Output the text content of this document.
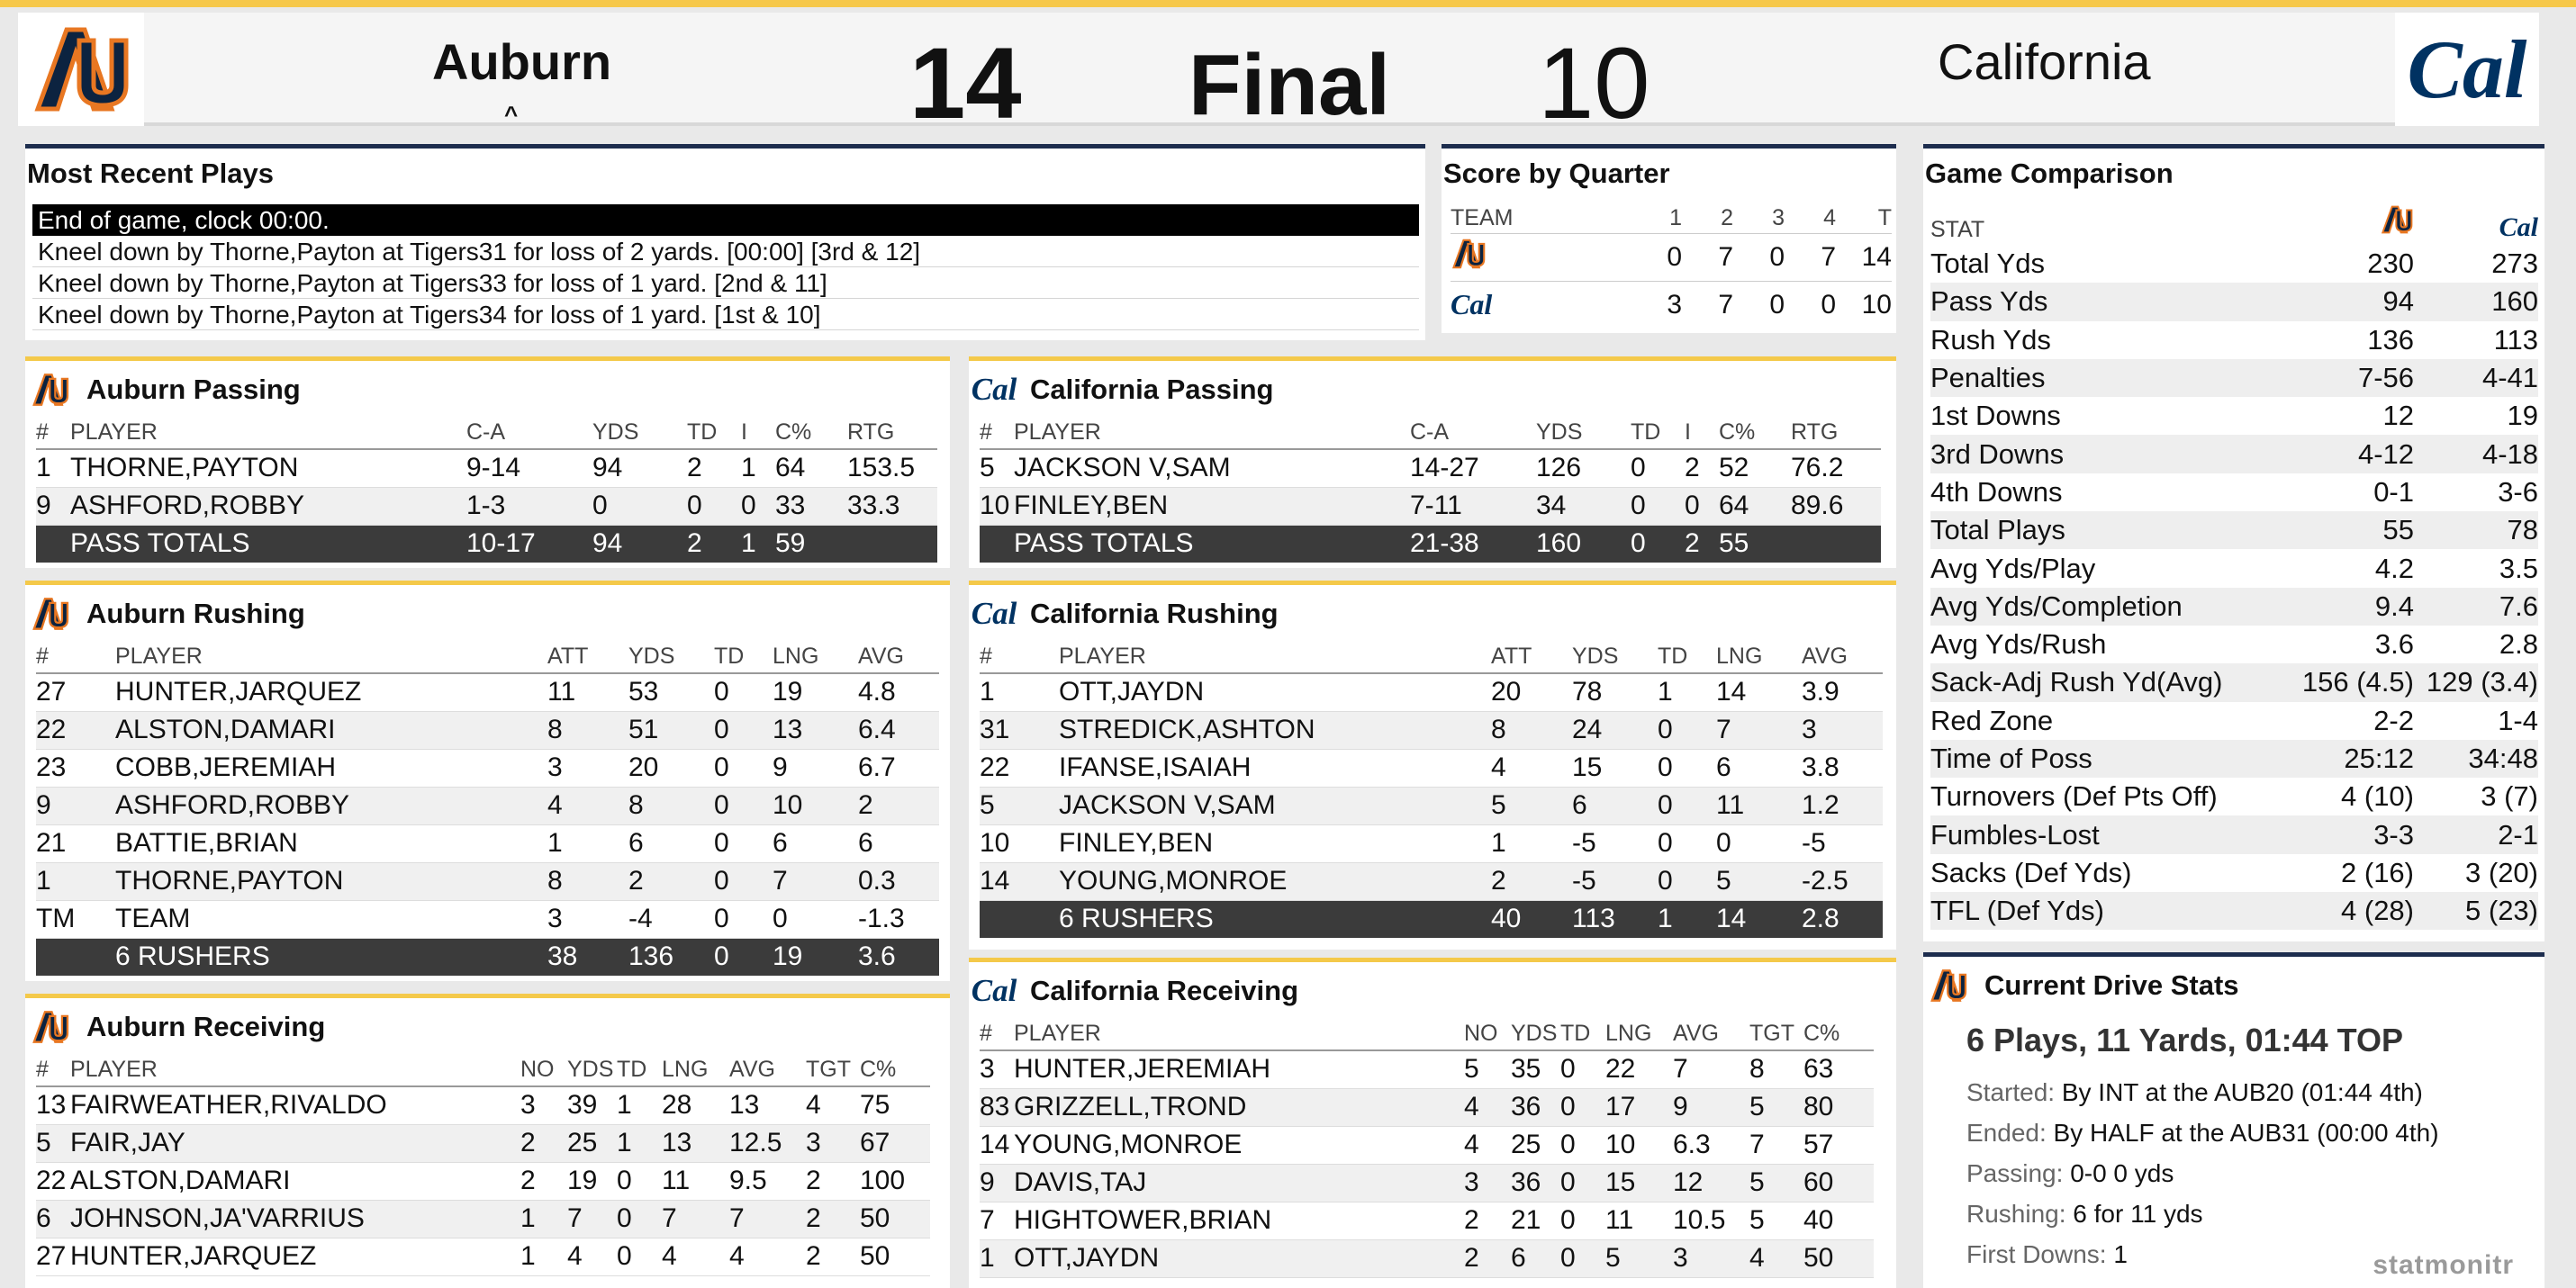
AU
Auburn
^	14 Final 10	California	Cal
Most Recent Plays
End of game, clock 00:00.
Kneel down by Thorne,Payton at Tigers31 for loss of 2 yards. [00:00] [3rd & 12]
Kneel down by Thorne,Payton at Tigers33 for loss of 1 yard. [2nd & 11]
Kneel down by Thorne,Payton at Tigers34 for loss of 1 yard. [1st & 10]
Score by Quarter
TEAM	1	2	3	4	T
	0	7	0	7	14
Cal	3	7	0	0	10
Game Comparison
STAT		Cal
Total Yds	230	273
Pass Yds	94	160
Rush Yds	136	113
Penalties	7-56	4-41
1st Downs	12	19
3rd Downs	4-12	4-18
4th Downs	0-1	3-6
Total Plays	55	78
Avg Yds/Play	4.2	3.5
Avg Yds/Completion	9.4	7.6
Avg Yds/Rush	3.6	2.8
Sack-Adj Rush Yd(Avg)	156 (4.5)	129 (3.4)
Red Zone	2-2	1-4
Time of Poss	25:12	34:48
Turnovers (Def Pts Off)	4 (10)	3 (7)
Fumbles-Lost	3-3	2-1
Sacks (Def Yds)	2 (16)	3 (20)
TFL (Def Yds)	4 (28)	5 (23)
Current Drive Stats
6 Plays, 11 Yards, 01:44 TOP
Started: By INT at the AUB20 (01:44 4th)
Ended: By HALF at the AUB31 (00:00 4th)
Passing: 0-0 0 yds
Rushing: 6 for 11 yds
First Downs: 1	statmonitr
Auburn Passing
#	PLAYER	C-A	YDS	TD	I	C%	RTG
1	THORNE,PAYTON	9-14	94	2	1	64	153.5
9	ASHFORD,ROBBY	1-3	0	0	0	33	33.3
	PASS TOTALS	10-17	94	2	1	59	
Cal California Passing
#	PLAYER	C-A	YDS	TD	I	C%	RTG
5	JACKSON V,SAM	14-27	126	0	2	52	76.2
10	FINLEY,BEN	7-11	34	0	0	64	89.6
	PASS TOTALS	21-38	160	0	2	55	
Auburn Rushing
#	PLAYER	ATT	YDS	TD	LNG	AVG
27	HUNTER,JARQUEZ	11	53	0	19	4.8
22	ALSTON,DAMARI	8	51	0	13	6.4
23	COBB,JEREMIAH	3	20	0	9	6.7
9	ASHFORD,ROBBY	4	8	0	10	2
21	BATTIE,BRIAN	1	6	0	6	6
1	THORNE,PAYTON	8	2	0	7	0.3
TM	TEAM	3	-4	0	0	-1.3
	6 RUSHERS	38	136	0	19	3.6
Cal California Rushing
#	PLAYER	ATT	YDS	TD	LNG	AVG
1	OTT,JAYDN	20	78	1	14	3.9
31	STREDICK,ASHTON	8	24	0	7	3
22	IFANSE,ISAIAH	4	15	0	6	3.8
5	JACKSON V,SAM	5	6	0	11	1.2
10	FINLEY,BEN	1	-5	0	0	-5
14	YOUNG,MONROE	2	-5	0	5	-2.5
	6 RUSHERS	40	113	1	14	2.8
Auburn Receiving
#	PLAYER	NO	YDS	TD	LNG	AVG	TGT	C%
13	FAIRWEATHER,RIVALDO	3	39	1	28	13	4	75
5	FAIR,JAY	2	25	1	13	12.5	3	67
22	ALSTON,DAMARI	2	19	0	11	9.5	2	100
6	JOHNSON,JA'VARRIUS	1	7	0	7	7	2	50
27	HUNTER,JARQUEZ	1	4	0	4	4	2	50
Cal California Receiving
#	PLAYER	NO	YDS	TD	LNG	AVG	TGT	C%
3	HUNTER,JEREMIAH	5	35	0	22	7	8	63
83	GRIZZELL,TROND	4	36	0	17	9	5	80
14	YOUNG,MONROE	4	25	0	10	6.3	7	57
9	DAVIS,TAJ	3	36	0	15	12	5	60
7	HIGHTOWER,BRIAN	2	21	0	11	10.5	5	40
1	OTT,JAYDN	2	6	0	5	3	4	50
